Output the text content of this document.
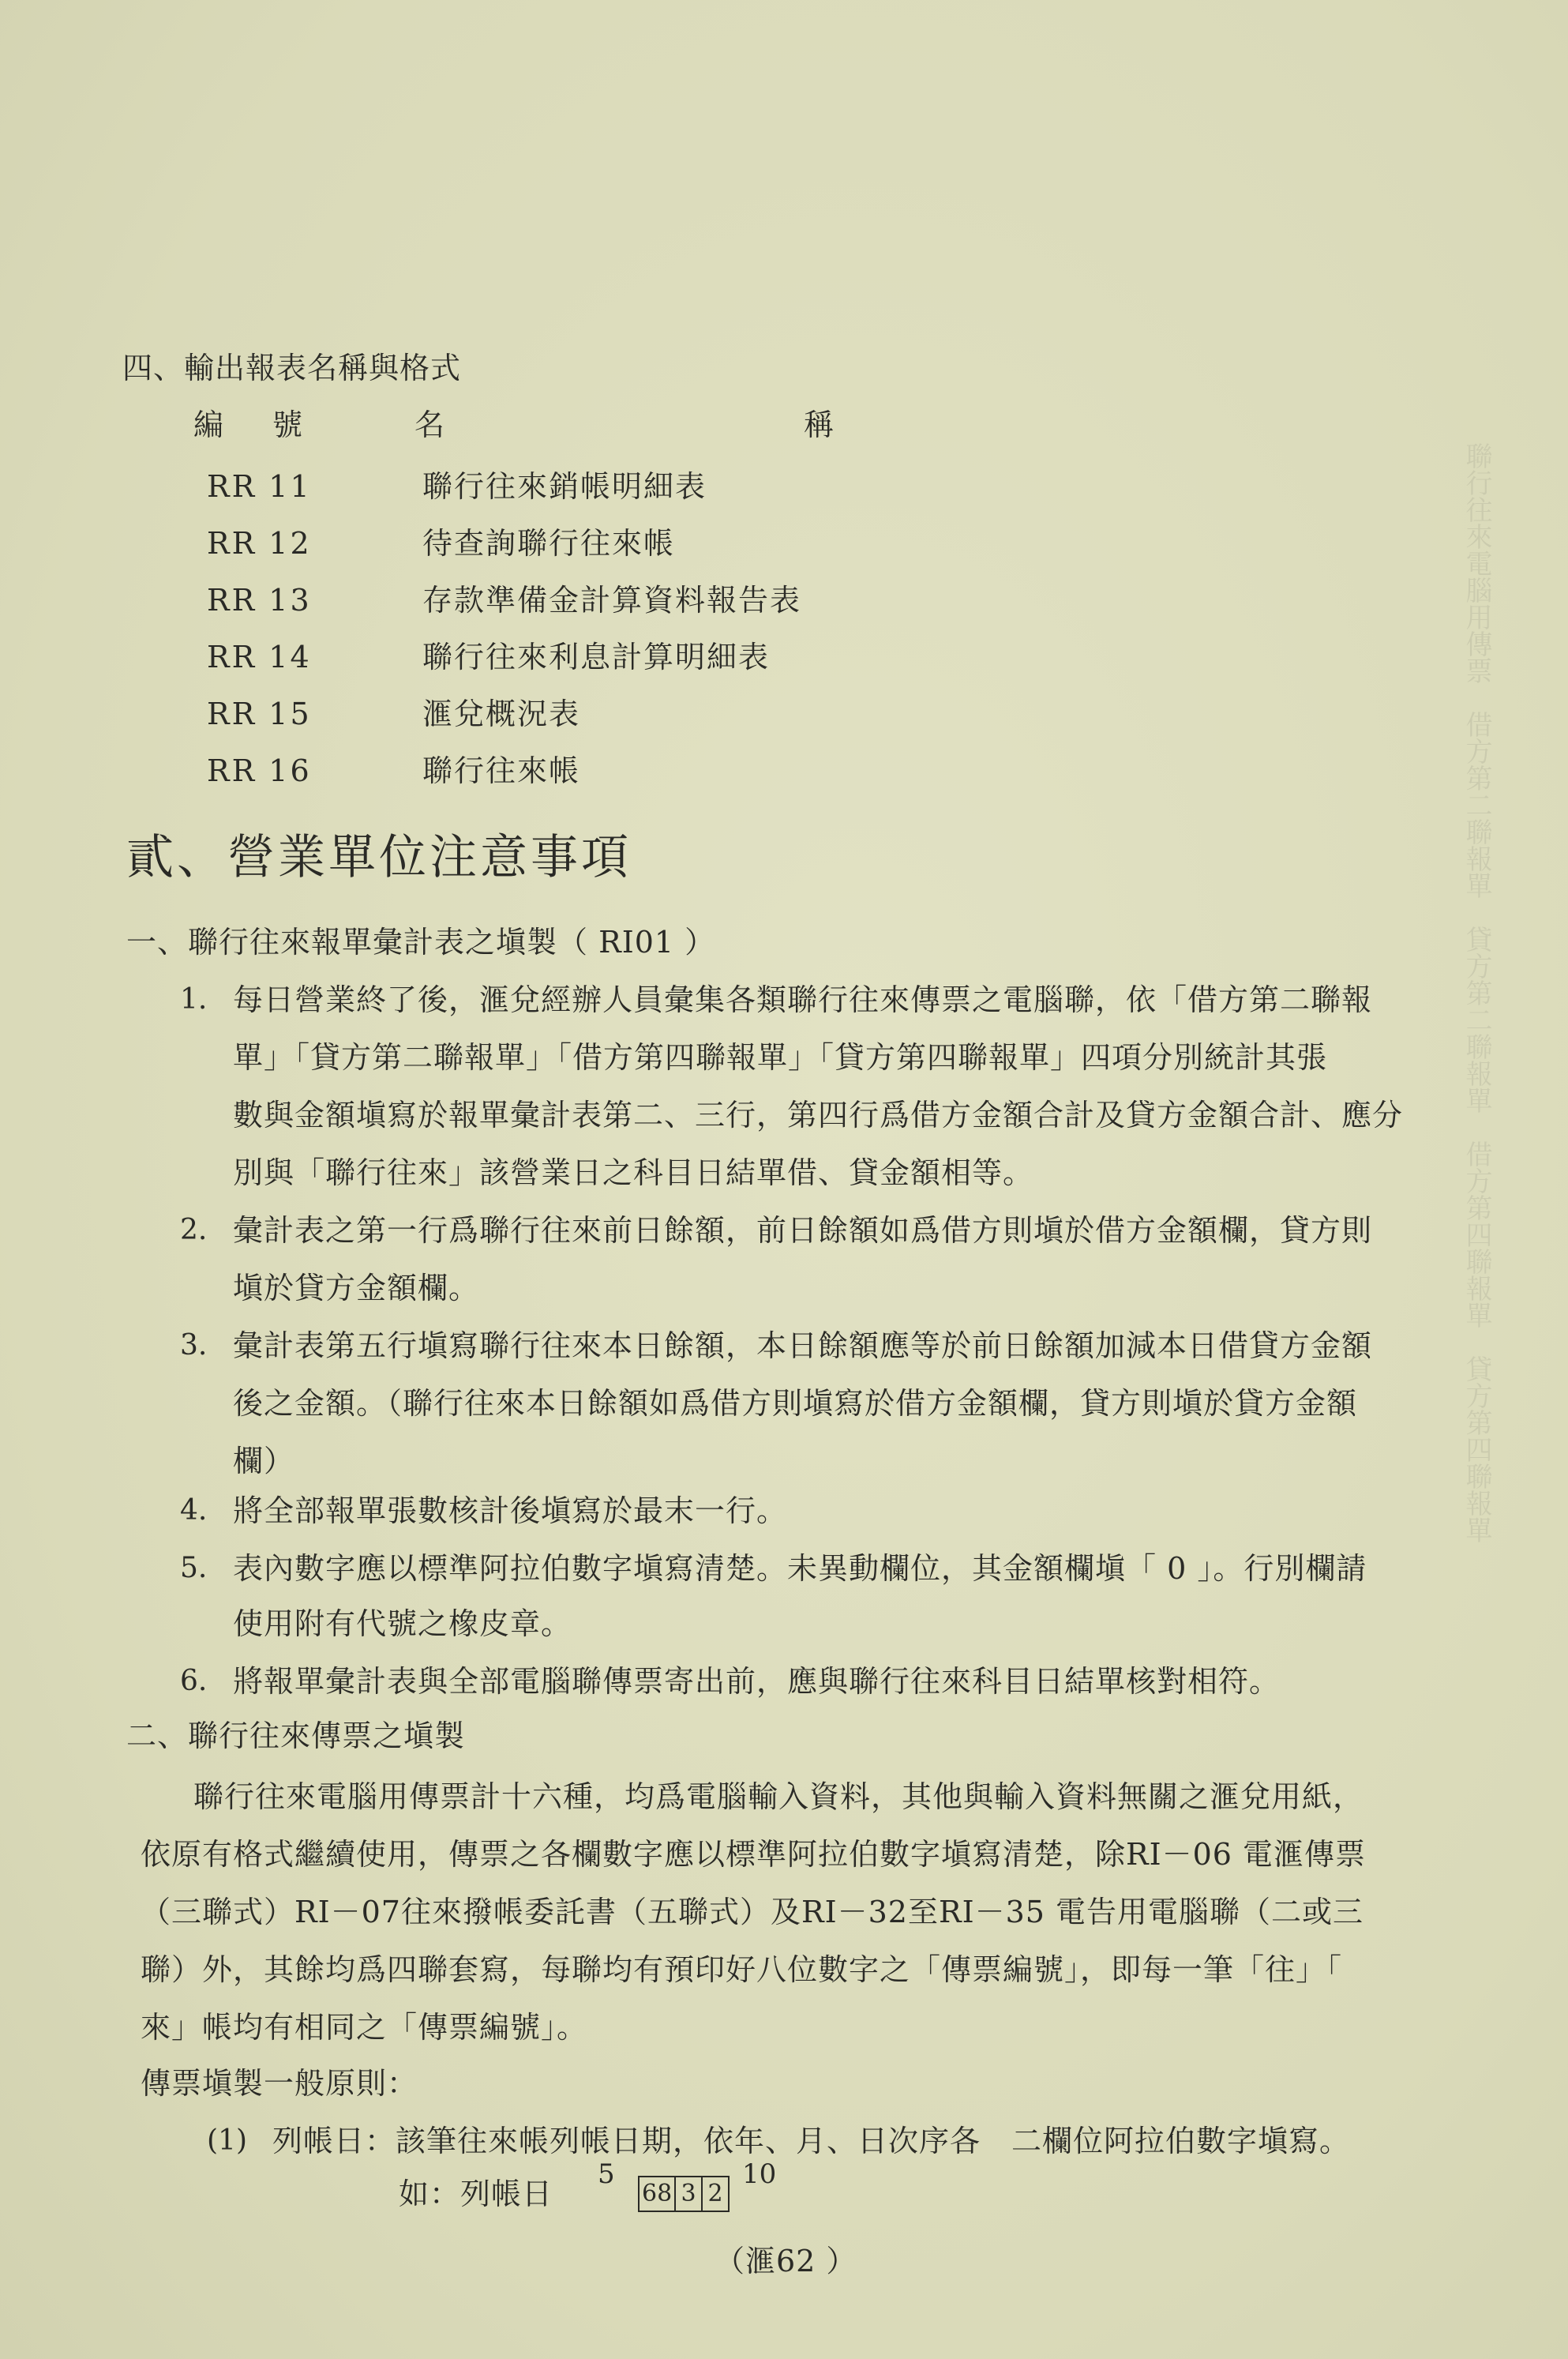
聯行往來電腦用傳票　借方第二聯報單　貸方第二聯報單　借方第四聯報單　貸方第四聯報單
四、輸出報表名稱與格式
編　號	名	稱
RR 11	聯行往來銷帳明細表
RR 12	待查詢聯行往來帳
RR 13	存款準備金計算資料報告表
RR 14	聯行往來利息計算明細表
RR 15	滙兌概況表
RR 16	聯行往來帳
貳、營業單位注意事項
一、聯行往來報單彙計表之塡製（ RI01 ）
1. 每日營業終了後，滙兌經辦人員彙集各類聯行往來傳票之電腦聯，依「借方第二聯報
單」「貸方第二聯報單」「借方第四聯報單」「貸方第四聯報單」四項分別統計其張
數與金額塡寫於報單彙計表第二、三行，第四行爲借方金額合計及貸方金額合計、應分
別與「聯行往來」該營業日之科目日結單借、貸金額相等。
2. 彙計表之第一行爲聯行往來前日餘額，前日餘額如爲借方則塡於借方金額欄，貸方則
塡於貸方金額欄。
3. 彙計表第五行塡寫聯行往來本日餘額，本日餘額應等於前日餘額加減本日借貸方金額
後之金額。（聯行往來本日餘額如爲借方則塡寫於借方金額欄，貸方則塡於貸方金額
欄）
4. 將全部報單張數核計後塡寫於最末一行。
5. 表內數字應以標準阿拉伯數字塡寫清楚。未異動欄位，其金額欄塡「 0 」。行別欄請
使用附有代號之橡皮章。
6. 將報單彙計表與全部電腦聯傳票寄出前，應與聯行往來科目日結單核對相符。
二、聯行往來傳票之塡製
聯行往來電腦用傳票計十六種，均爲電腦輸入資料，其他與輸入資料無關之滙兌用紙，
依原有格式繼續使用，傳票之各欄數字應以標準阿拉伯數字塡寫清楚，除RI－06 電滙傳票
（三聯式）RI－07往來撥帳委託書（五聯式）及RI－32至RI－35 電告用電腦聯（二或三
聯）外，其餘均爲四聯套寫，每聯均有預印好八位數字之「傳票編號」，即每一筆「往」「
來」帳均有相同之「傳票編號」。
傳票塡製一般原則：
(1) 列帳日：該筆往來帳列帳日期，依年、月、日次序各　二欄位阿拉伯數字塡寫。
如：列帳日
5
68 3 2
10
（滙62 ）
